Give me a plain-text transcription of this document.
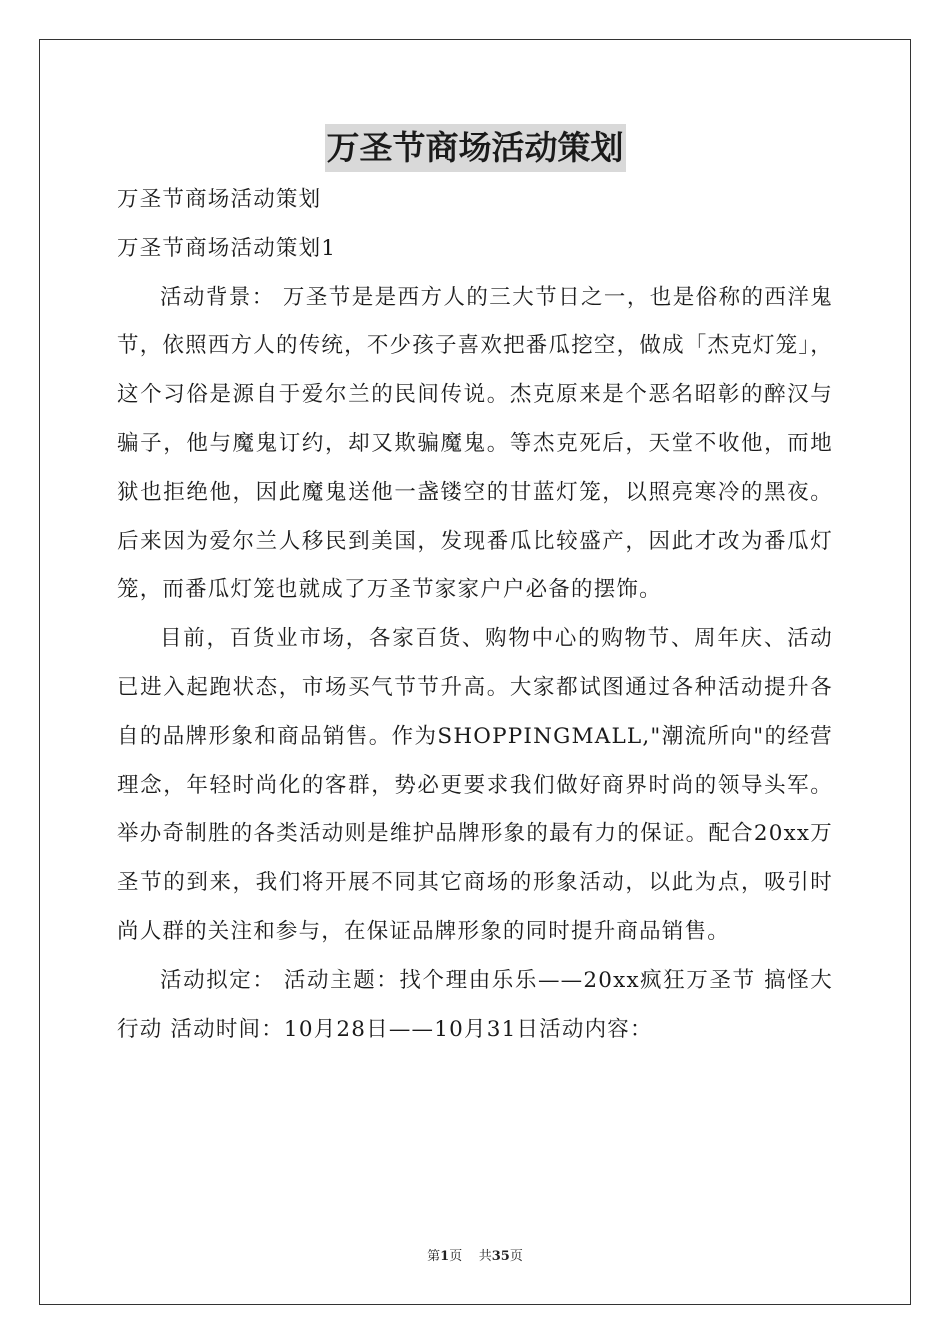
万圣节商场活动策划

万圣节商场活动策划

万圣节商场活动策划1

活动背景： 万圣节是是西方人的三大节日之一，也是俗称的西洋鬼节，依照西方人的传统，不少孩子喜欢把番瓜挖空，做成「杰克灯笼」，这个习俗是源自于爱尔兰的民间传说。杰克原来是个恶名昭彰的醉汉与骗子，他与魔鬼订约，却又欺骗魔鬼。等杰克死后，天堂不收他，而地狱也拒绝他，因此魔鬼送他一盏镂空的甘蓝灯笼，以照亮寒冷的黑夜。后来因为爱尔兰人移民到美国，发现番瓜比较盛产，因此才改为番瓜灯笼，而番瓜灯笼也就成了万圣节家家户户必备的摆饰。

目前，百货业市场，各家百货、购物中心的购物节、周年庆、活动已进入起跑状态，市场买气节节升高。大家都试图通过各种活动提升各自的品牌形象和商品销售。作为SHOPPINGMALL,"潮流所向"的经营理念，年轻时尚化的客群，势必更要求我们做好商界时尚的领导头军。举办奇制胜的各类活动则是维护品牌形象的最有力的保证。配合20xx万圣节的到来，我们将开展不同其它商场的形象活动，以此为点，吸引时尚人群的关注和参与，在保证品牌形象的同时提升商品销售。

活动拟定： 活动主题：找个理由乐乐——20xx疯狂万圣节 搞怪大行动 活动时间：10月28日——10月31日活动内容：

第1页 共35页
